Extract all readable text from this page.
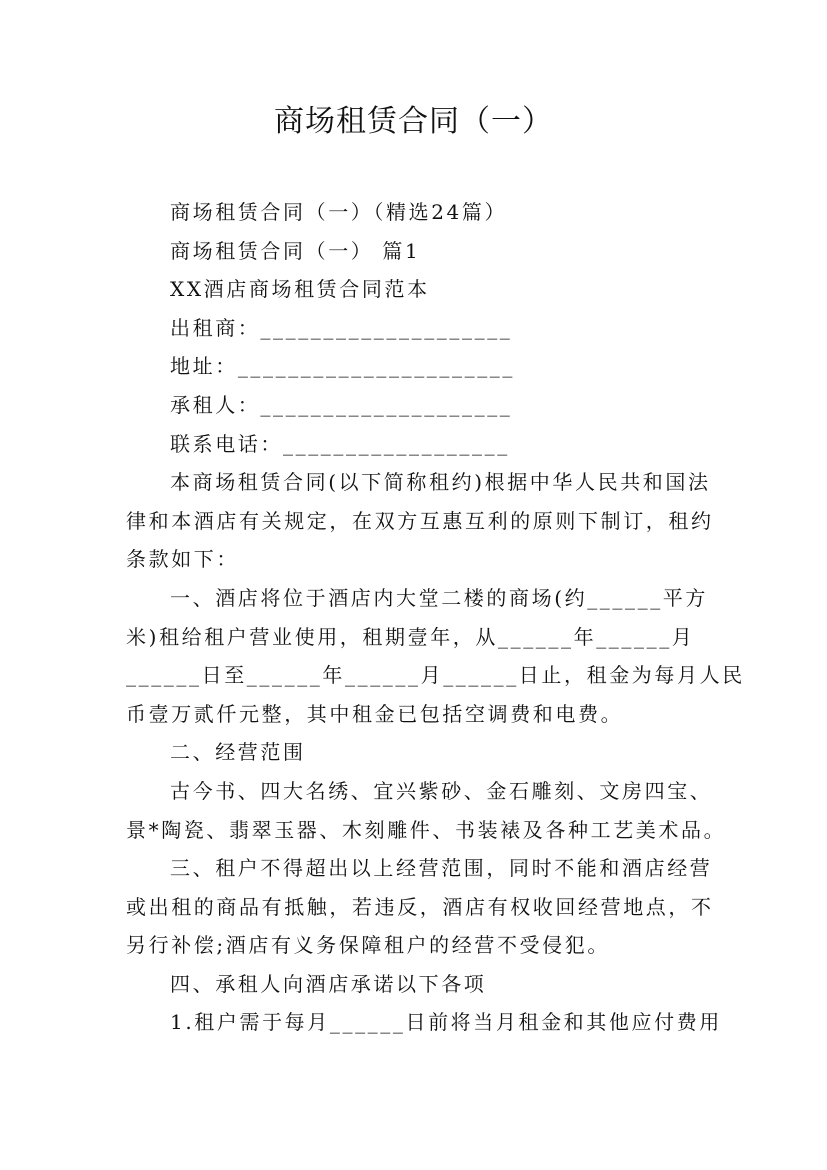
商场租赁合同（一）

商场租赁合同（一）（精选24篇）

商场租赁合同（一） 篇1

XX酒店商场租赁合同范本

出租商：____________________

地址：______________________

承租人：____________________

联系电话：__________________

本商场租赁合同(以下简称租约)根据中华人民共和国法

律和本酒店有关规定，在双方互惠互利的原则下制订，租约

条款如下：

一、酒店将位于酒店内大堂二楼的商场(约______平方

米)租给租户营业使用，租期壹年，从______年______月

______日至______年______月______日止，租金为每月人民

币壹万贰仟元整，其中租金已包括空调费和电费。

二、经营范围

古今书、四大名绣、宜兴紫砂、金石雕刻、文房四宝、

景*陶瓷、翡翠玉器、木刻雕件、书装裱及各种工艺美术品。

三、租户不得超出以上经营范围，同时不能和酒店经营

或出租的商品有抵触，若违反，酒店有权收回经营地点，不

另行补偿;酒店有义务保障租户的经营不受侵犯。

四、承租人向酒店承诺以下各项

1.租户需于每月______日前将当月租金和其他应付费用
